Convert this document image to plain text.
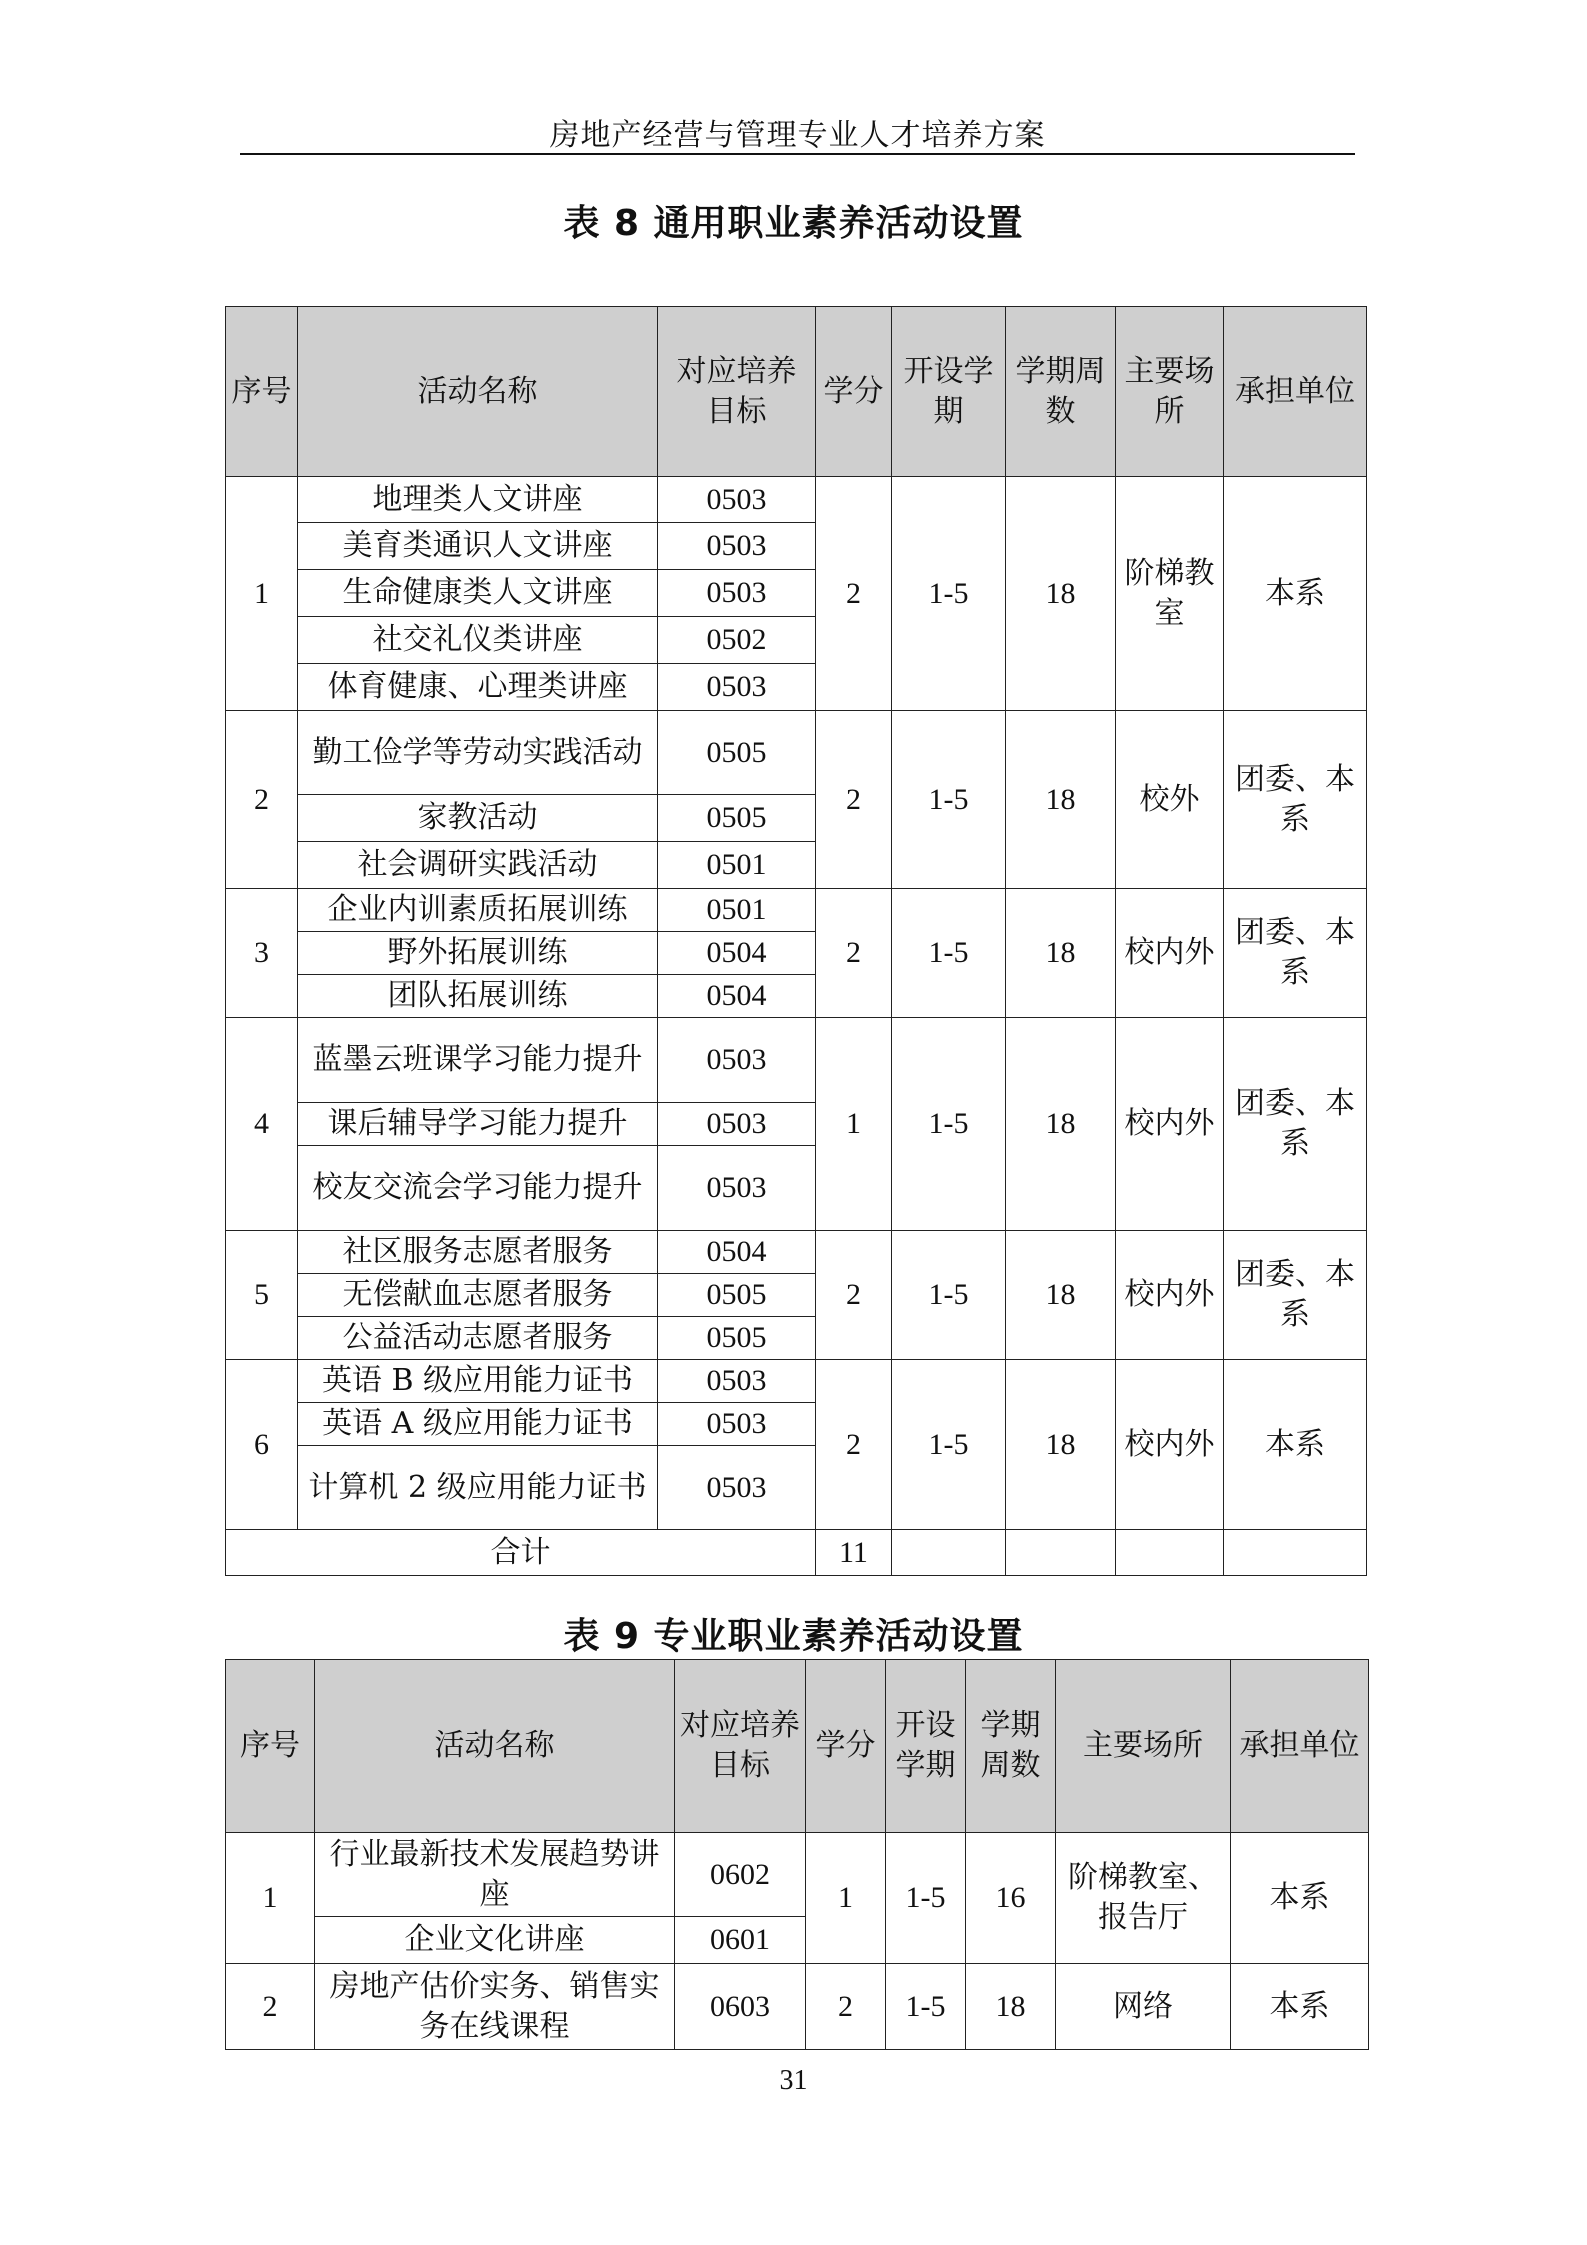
房地产经营与管理专业人才培养方案
表 8 通用职业素养活动设置
序号	活动名称	对应培养目标	学分	开设学期	学期周数	主要场所	承担单位
1	地理类人文讲座	0503	2	1-5	18	阶梯教室	本系
	美育类通识人文讲座	0503					
	生命健康类人文讲座	0503					
	社交礼仪类讲座	0502					
	体育健康、心理类讲座	0503					
2	勤工俭学等劳动实践活动	0505	2	1-5	18	校外	团委、本系
	家教活动	0505					
	社会调研实践活动	0501					
3	企业内训素质拓展训练	0501	2	1-5	18	校内外	团委、本系
	野外拓展训练	0504					
	团队拓展训练	0504					
4	蓝墨云班课学习能力提升	0503	1	1-5	18	校内外	团委、本系
	课后辅导学习能力提升	0503					
	校友交流会学习能力提升	0503					
5	社区服务志愿者服务	0504	2	1-5	18	校内外	团委、本系
	无偿献血志愿者服务	0505					
	公益活动志愿者服务	0505					
6	英语 B 级应用能力证书	0503	2	1-5	18	校内外	本系
	英语 A 级应用能力证书	0503					
	计算机 2 级应用能力证书	0503					
合计			11				
表 9 专业职业素养活动设置
序号	活动名称	对应培养目标	学分	开设学期	学期周数	主要场所	承担单位
1	行业最新技术发展趋势讲座	0602	1	1-5	16	阶梯教室、报告厅	本系
	企业文化讲座	0601					
2	房地产估价实务、销售实务在线课程	0603	2	1-5	18	网络	本系
31
